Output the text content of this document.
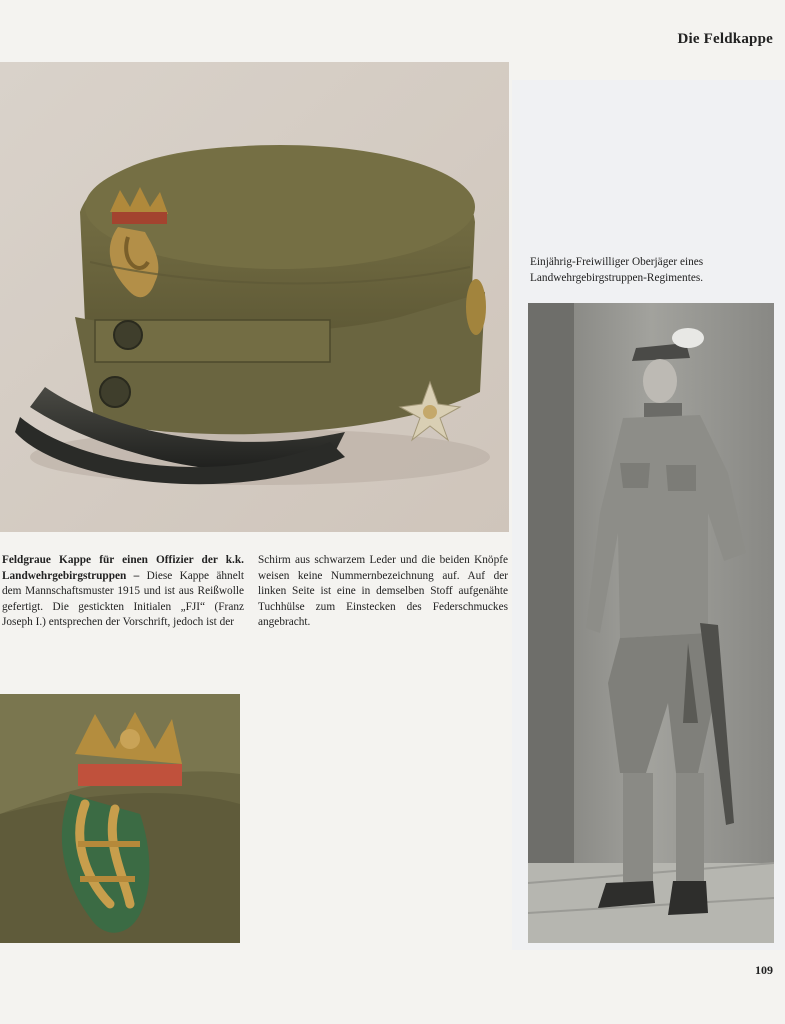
Die Feldkappe
Einjährig-Freiwilliger Oberjäger eines
Landwehrgebirgstruppen-Regimentes.
Feldgraue Kappe für einen Offizier der k.k. Landwehrgebirgstruppen – Diese Kappe ähnelt dem Mannschaftsmuster 1915 und ist aus Reißwolle gefertigt. Die gestickten Initialen „FJI“ (Franz Joseph I.) entsprechen der Vorschrift, jedoch ist der
Schirm aus schwarzem Leder und die beiden Knöpfe weisen keine Nummernbezeichnung auf. Auf der linken Seite ist eine in demselben Stoff aufgenähte Tuchhülse zum Einstecken des Federschmuckes angebracht.
109
